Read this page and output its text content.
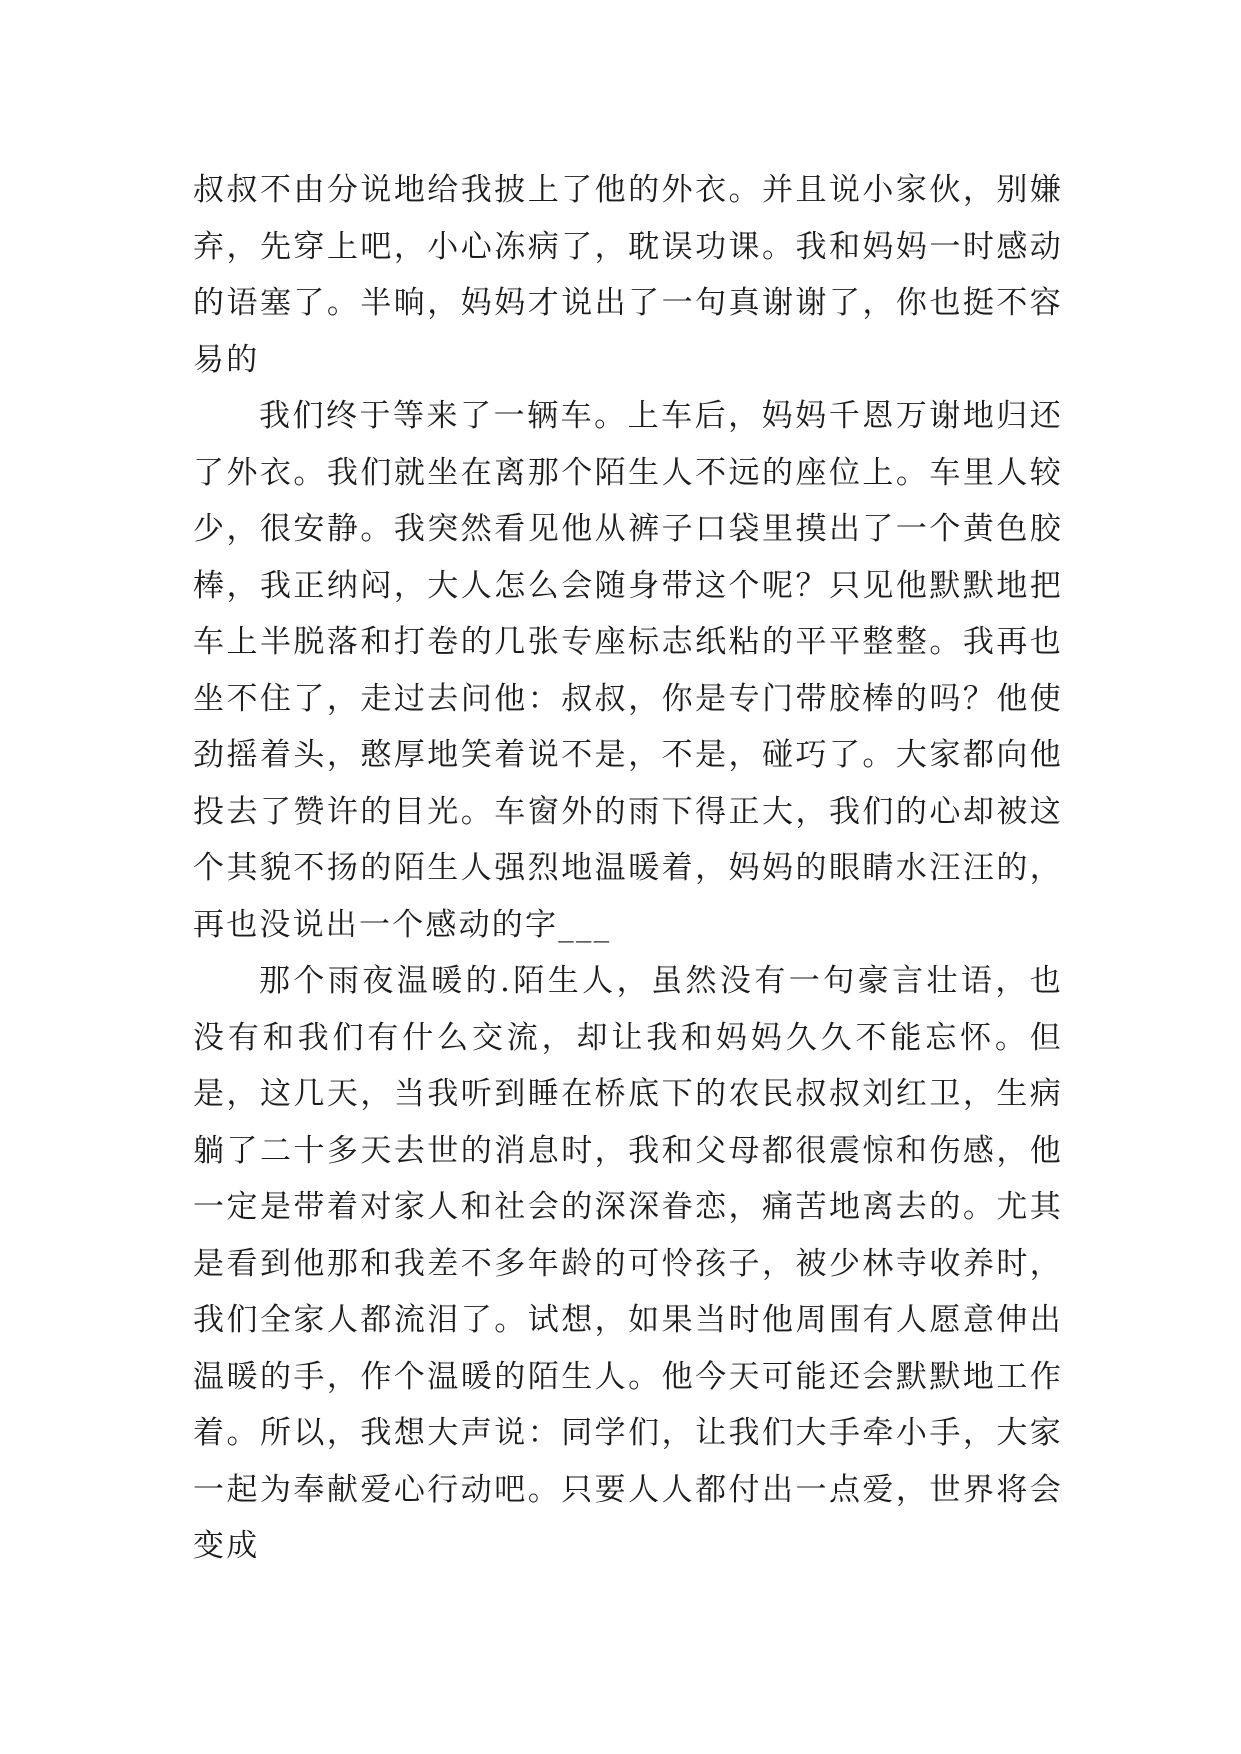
叔叔不由分说地给我披上了他的外衣。并且说小家伙，别嫌弃，先穿上吧，小心冻病了，耽误功课。我和妈妈一时感动的语塞了。半晌，妈妈才说出了一句真谢谢了，你也挺不容易的

我们终于等来了一辆车。上车后，妈妈千恩万谢地归还了外衣。我们就坐在离那个陌生人不远的座位上。车里人较少，很安静。我突然看见他从裤子口袋里摸出了一个黄色胶棒，我正纳闷，大人怎么会随身带这个呢？只见他默默地把车上半脱落和打卷的几张专座标志纸粘的平平整整。我再也坐不住了，走过去问他：叔叔，你是专门带胶棒的吗？他使劲摇着头，憨厚地笑着说不是，不是，碰巧了。大家都向他投去了赞许的目光。车窗外的雨下得正大，我们的心却被这个其貌不扬的陌生人强烈地温暖着，妈妈的眼睛水汪汪的，再也没说出一个感动的字___

那个雨夜温暖的.陌生人，虽然没有一句豪言壮语，也没有和我们有什么交流，却让我和妈妈久久不能忘怀。但是，这几天，当我听到睡在桥底下的农民叔叔刘红卫，生病躺了二十多天去世的消息时，我和父母都很震惊和伤感，他一定是带着对家人和社会的深深眷恋，痛苦地离去的。尤其是看到他那和我差不多年龄的可怜孩子，被少林寺收养时，我们全家人都流泪了。试想，如果当时他周围有人愿意伸出温暖的手，作个温暖的陌生人。他今天可能还会默默地工作着。所以，我想大声说：同学们，让我们大手牵小手，大家一起为奉献爱心行动吧。只要人人都付出一点爱，世界将会变成
